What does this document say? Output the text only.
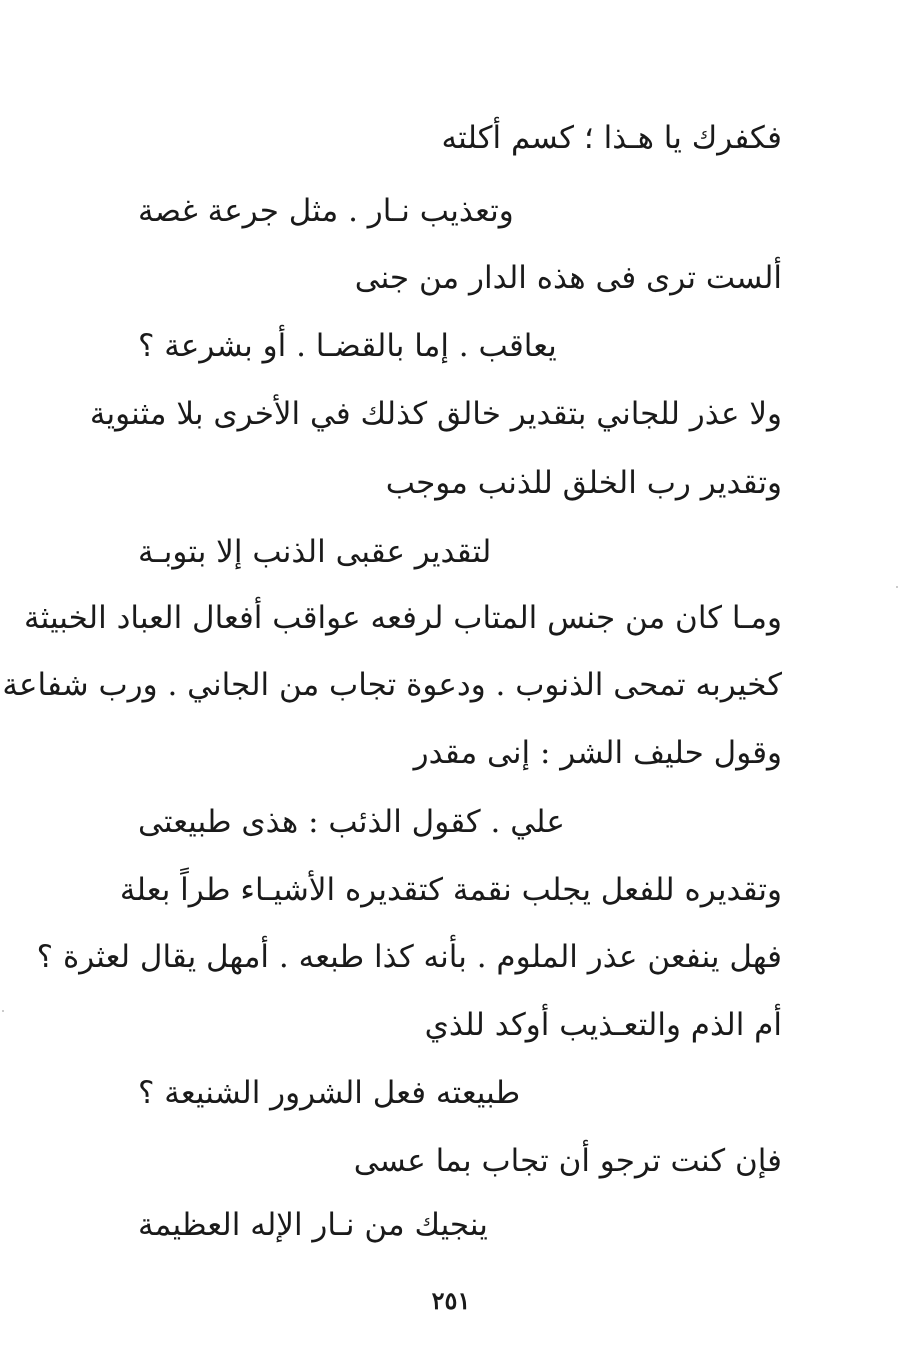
فكفرك يا هـذا ؛ كسم أكلته
وتعذيب نـار . مثل جرعة غصة
ألست ترى فى هذه الدار من جنى
يعاقب . إما بالقضـا . أو بشرعة ؟
ولا عذر للجاني بتقدير خالق كذلك في الأخرى بلا مثنوية
وتقدير رب الخلق للذنب موجب
لتقدير عقبى الذنب إلا بتوبـة
ومـا كان من جنس المتاب لرفعه عواقب أفعال العباد الخبيثة
كخيربه تمحى الذنوب . ودعوة تجاب من الجاني . ورب شفاعة
وقول حليف الشر : إنى مقدر
علي . كقول الذئب : هذى طبيعتى
وتقديره للفعل يجلب نقمة كتقديره الأشيـاء طراً بعلة
فهل ينفعن عذر الملوم . بأنه كذا طبعه . أمهل يقال لعثرة ؟
أم الذم والتعـذيب أوكد للذي
طبيعته فعل الشرور الشنيعة ؟
فإن كنت ترجو أن تجاب بما عسى
ينجيك من نـار الإله العظيمة
٢٥١
